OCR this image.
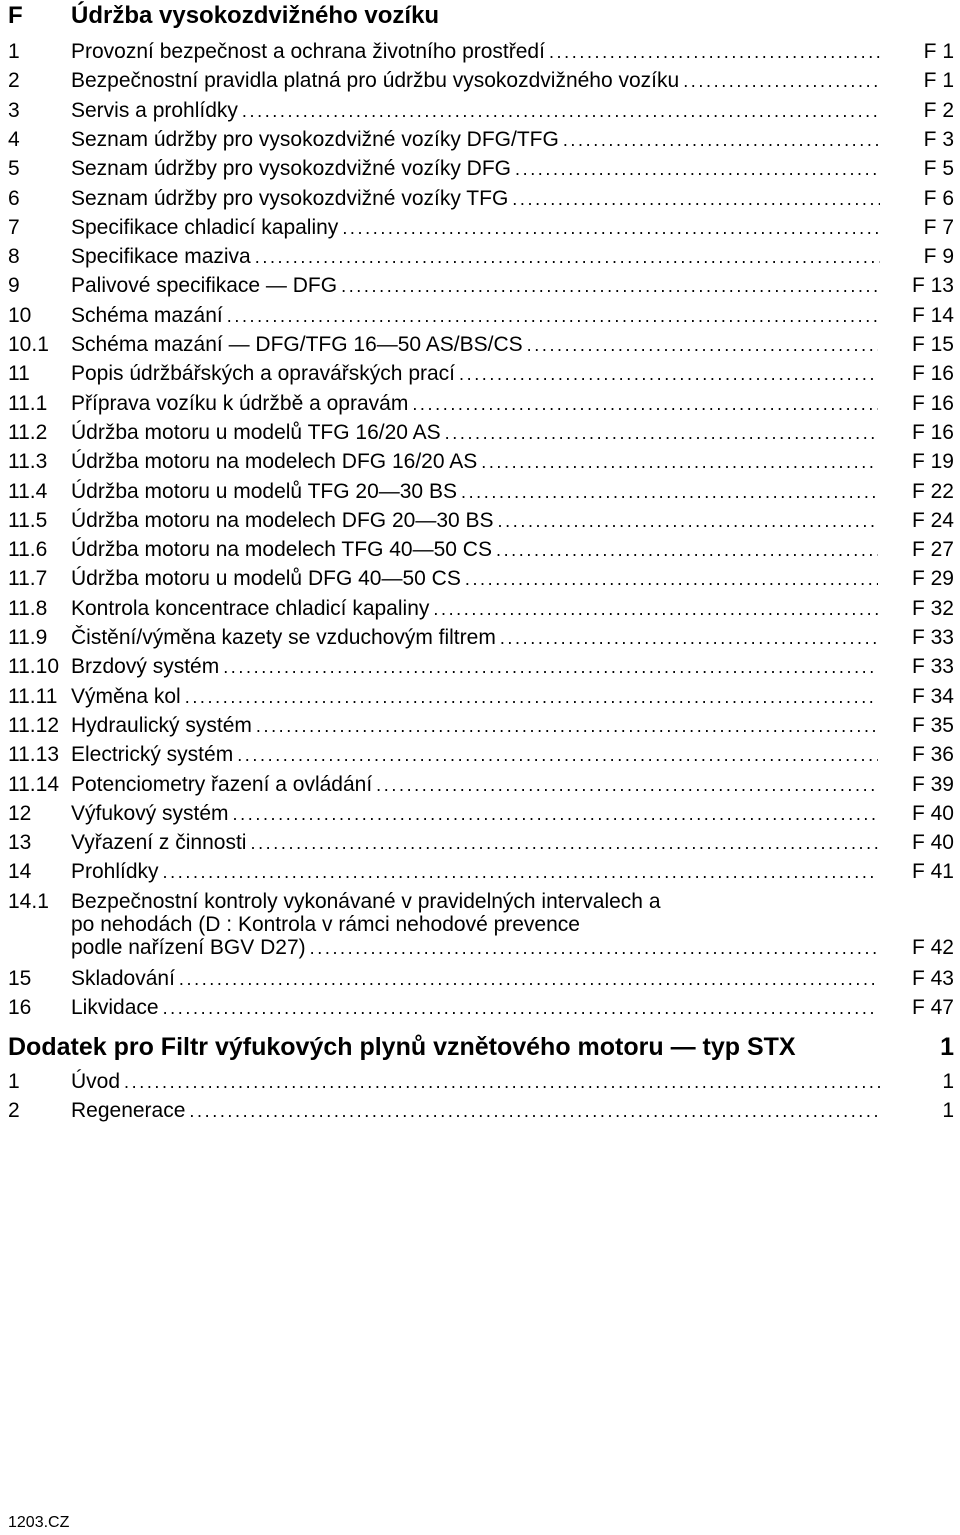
F	Údržba vysokozdvižného vozíku
1	Provozní bezpečnost a ochrana životního prostředí .....	F 1
2	Bezpečnostní pravidla platná pro údržbu vysokozdvižného vozíku .....	F 1
3	Servis a prohlídky .....	F 2
4	Seznam údržby pro vysokozdvižné vozíky DFG/TFG .....	F 3
5	Seznam údržby pro vysokozdvižné vozíky DFG .....	F 5
6	Seznam údržby pro vysokozdvižné vozíky TFG .....	F 6
7	Specifikace chladicí kapaliny .....	F 7
8	Specifikace maziva .....	F 9
9	Palivové specifikace — DFG .....	F 13
10	Schéma mazání .....	F 14
10.1	Schéma mazání — DFG/TFG 16—50 AS/BS/CS .....	F 15
11	Popis údržbářských a opravářských prací .....	F 16
11.1	Příprava vozíku k údržbě a opravám .....	F 16
11.2	Údržba motoru u modelů TFG 16/20 AS .....	F 16
11.3	Údržba motoru na modelech DFG 16/20 AS .....	F 19
11.4	Údržba motoru u modelů TFG 20—30 BS .....	F 22
11.5	Údržba motoru na modelech DFG 20—30 BS .....	F 24
11.6	Údržba motoru na modelech TFG 40—50 CS .....	F 27
11.7	Údržba motoru u modelů DFG 40—50 CS .....	F 29
11.8	Kontrola koncentrace chladicí kapaliny .....	F 32
11.9	Čistění/výměna kazety se vzduchovým filtrem .....	F 33
11.10 Brzdový systém .....	F 33
11.11 Výměna kol .....	F 34
11.12 Hydraulický systém .....	F 35
11.13 Electrický systém .....	F 36
11.14 Potenciometry řazení a ovládání .....	F 39
12	Výfukový systém .....	F 40
13	Vyřazení z činnosti .....	F 40
14	Prohlídky .....	F 41
14.1	Bezpečnostní kontroly vykonávané v pravidelných intervalech a
po nehodách (D : Kontrola v rámci nehodové prevence
podle nařízení BGV D27) .....	F 42
15	Skladování .....	F 43
16	Likvidace .....	F 47
Dodatek pro Filtr výfukových plynů vznětového motoru — typ STX	1
1	Úvod .....	1
2	Regenerace .....	1
1203.CZ
